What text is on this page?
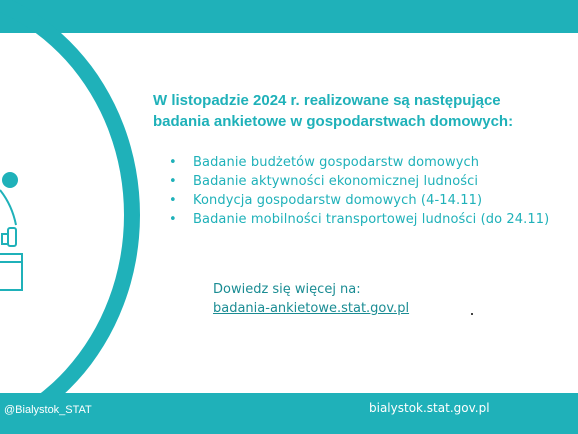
W listopadzie 2024 r. realizowane są następujące
badania ankietowe w gospodarstwach domowych:
• Badanie budżetów gospodarstw domowych
• Badanie aktywności ekonomicznej ludności
• Kondycja gospodarstw domowych (4-14.11)
• Badanie mobilności transportowej ludności (do 24.11)
Dowiedz się więcej na:
badania-ankietowe.stat.gov.pl
@Bialystok_STAT	bialystok.stat.gov.pl
